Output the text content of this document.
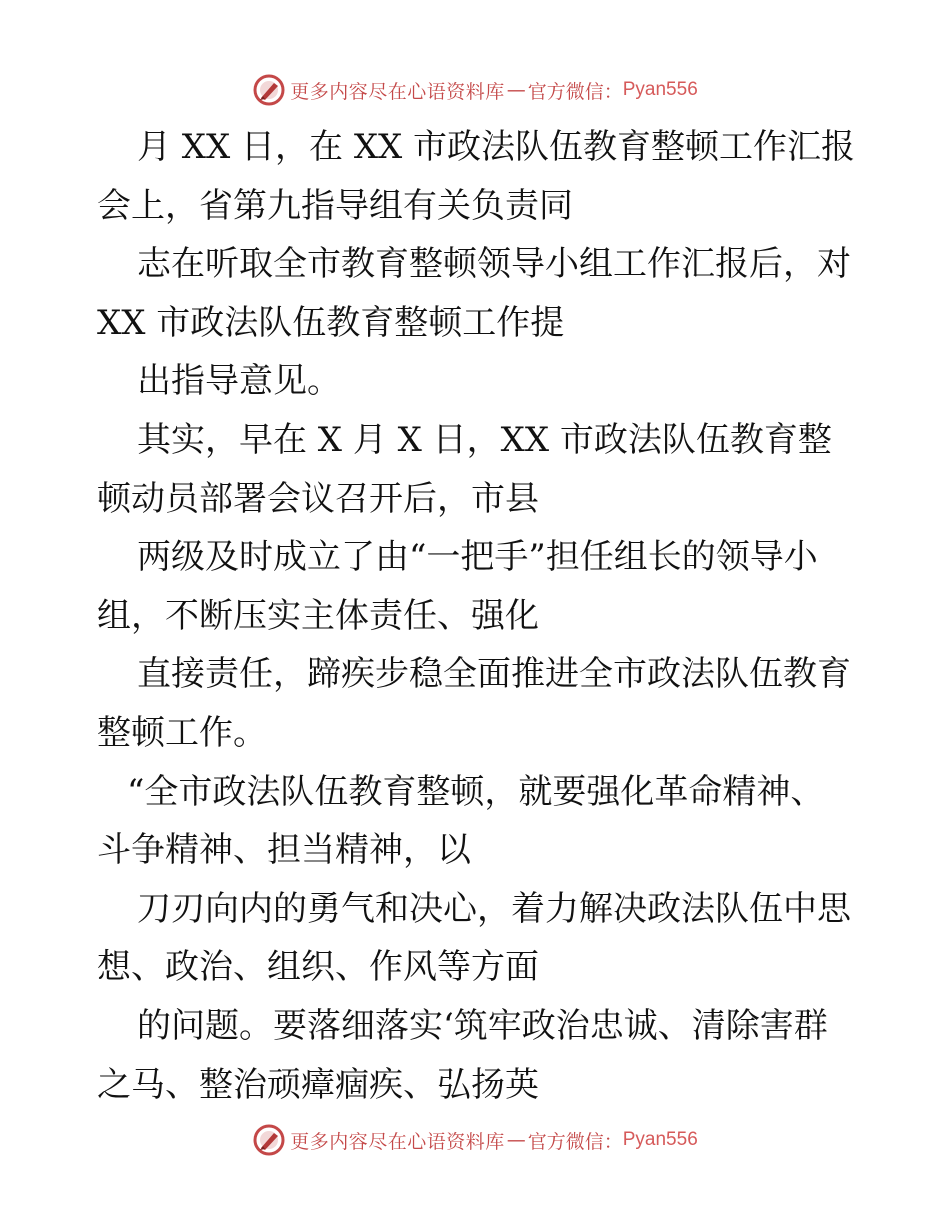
更多内容尽在心语资料库 — 官方微信： Pyan556
月 XX 日，在 XX 市政法队伍教育整顿工作汇报
会上，省第九指导组有关负责同
志在听取全市教育整顿领导小组工作汇报后，对
XX 市政法队伍教育整顿工作提
出指导意见。
其实，早在 X 月 X 日，XX 市政法队伍教育整
顿动员部署会议召开后，市县
两级及时成立了由“一把手”担任组长的领导小
组，不断压实主体责任、强化
直接责任，蹄疾步稳全面推进全市政法队伍教育
整顿工作。
“全市政法队伍教育整顿，就要强化革命精神、
斗争精神、担当精神，以
刀刃向内的勇气和决心，着力解决政法队伍中思
想、政治、组织、作风等方面
的问题。要落细落实‘筑牢政治忠诚、清除害群
之马、整治顽瘴痼疾、弘扬英
更多内容尽在心语资料库 — 官方微信： Pyan556
